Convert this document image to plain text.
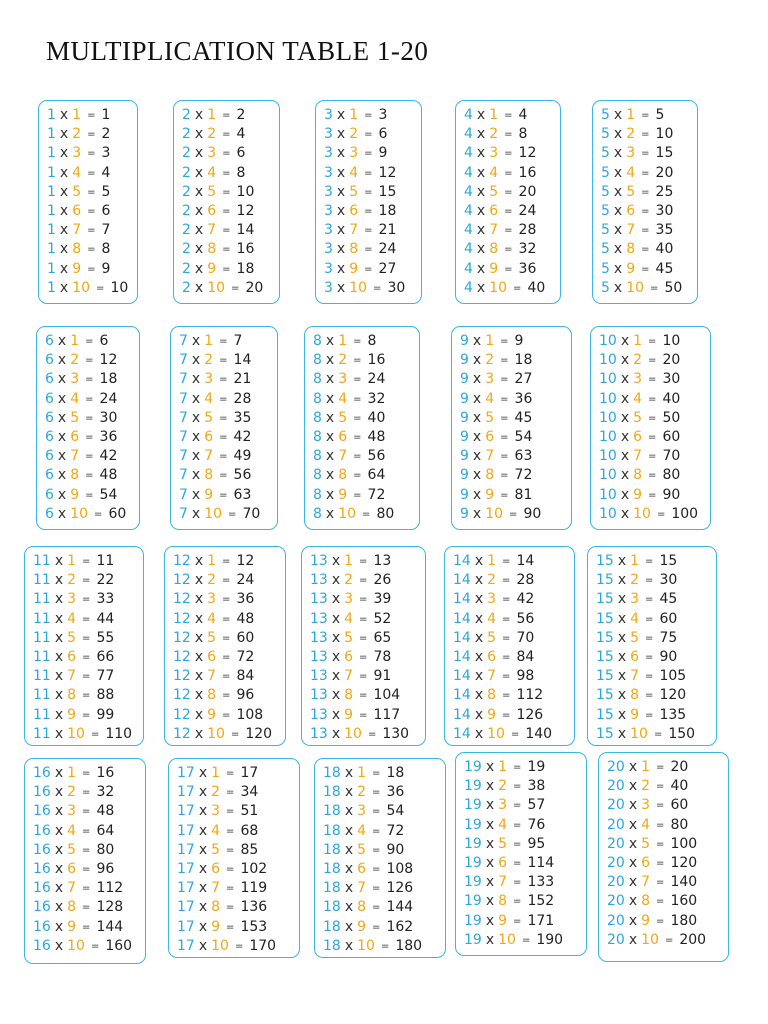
MULTIPLICATION TABLE 1-20
1 x 1 = 1
1 x 2 = 2
1 x 3 = 3
1 x 4 = 4
1 x 5 = 5
1 x 6 = 6
1 x 7 = 7
1 x 8 = 8
1 x 9 = 9
1 x 10 = 10
2 x 1 = 2
2 x 2 = 4
2 x 3 = 6
2 x 4 = 8
2 x 5 = 10
2 x 6 = 12
2 x 7 = 14
2 x 8 = 16
2 x 9 = 18
2 x 10 = 20
3 x 1 = 3
3 x 2 = 6
3 x 3 = 9
3 x 4 = 12
3 x 5 = 15
3 x 6 = 18
3 x 7 = 21
3 x 8 = 24
3 x 9 = 27
3 x 10 = 30
4 x 1 = 4
4 x 2 = 8
4 x 3 = 12
4 x 4 = 16
4 x 5 = 20
4 x 6 = 24
4 x 7 = 28
4 x 8 = 32
4 x 9 = 36
4 x 10 = 40
5 x 1 = 5
5 x 2 = 10
5 x 3 = 15
5 x 4 = 20
5 x 5 = 25
5 x 6 = 30
5 x 7 = 35
5 x 8 = 40
5 x 9 = 45
5 x 10 = 50
6 x 1 = 6
6 x 2 = 12
6 x 3 = 18
6 x 4 = 24
6 x 5 = 30
6 x 6 = 36
6 x 7 = 42
6 x 8 = 48
6 x 9 = 54
6 x 10 = 60
7 x 1 = 7
7 x 2 = 14
7 x 3 = 21
7 x 4 = 28
7 x 5 = 35
7 x 6 = 42
7 x 7 = 49
7 x 8 = 56
7 x 9 = 63
7 x 10 = 70
8 x 1 = 8
8 x 2 = 16
8 x 3 = 24
8 x 4 = 32
8 x 5 = 40
8 x 6 = 48
8 x 7 = 56
8 x 8 = 64
8 x 9 = 72
8 x 10 = 80
9 x 1 = 9
9 x 2 = 18
9 x 3 = 27
9 x 4 = 36
9 x 5 = 45
9 x 6 = 54
9 x 7 = 63
9 x 8 = 72
9 x 9 = 81
9 x 10 = 90
10 x 1 = 10
10 x 2 = 20
10 x 3 = 30
10 x 4 = 40
10 x 5 = 50
10 x 6 = 60
10 x 7 = 70
10 x 8 = 80
10 x 9 = 90
10 x 10 = 100
11 x 1 = 11
11 x 2 = 22
11 x 3 = 33
11 x 4 = 44
11 x 5 = 55
11 x 6 = 66
11 x 7 = 77
11 x 8 = 88
11 x 9 = 99
11 x 10 = 110
12 x 1 = 12
12 x 2 = 24
12 x 3 = 36
12 x 4 = 48
12 x 5 = 60
12 x 6 = 72
12 x 7 = 84
12 x 8 = 96
12 x 9 = 108
12 x 10 = 120
13 x 1 = 13
13 x 2 = 26
13 x 3 = 39
13 x 4 = 52
13 x 5 = 65
13 x 6 = 78
13 x 7 = 91
13 x 8 = 104
13 x 9 = 117
13 x 10 = 130
14 x 1 = 14
14 x 2 = 28
14 x 3 = 42
14 x 4 = 56
14 x 5 = 70
14 x 6 = 84
14 x 7 = 98
14 x 8 = 112
14 x 9 = 126
14 x 10 = 140
15 x 1 = 15
15 x 2 = 30
15 x 3 = 45
15 x 4 = 60
15 x 5 = 75
15 x 6 = 90
15 x 7 = 105
15 x 8 = 120
15 x 9 = 135
15 x 10 = 150
16 x 1 = 16
16 x 2 = 32
16 x 3 = 48
16 x 4 = 64
16 x 5 = 80
16 x 6 = 96
16 x 7 = 112
16 x 8 = 128
16 x 9 = 144
16 x 10 = 160
17 x 1 = 17
17 x 2 = 34
17 x 3 = 51
17 x 4 = 68
17 x 5 = 85
17 x 6 = 102
17 x 7 = 119
17 x 8 = 136
17 x 9 = 153
17 x 10 = 170
18 x 1 = 18
18 x 2 = 36
18 x 3 = 54
18 x 4 = 72
18 x 5 = 90
18 x 6 = 108
18 x 7 = 126
18 x 8 = 144
18 x 9 = 162
18 x 10 = 180
19 x 1 = 19
19 x 2 = 38
19 x 3 = 57
19 x 4 = 76
19 x 5 = 95
19 x 6 = 114
19 x 7 = 133
19 x 8 = 152
19 x 9 = 171
19 x 10 = 190
20 x 1 = 20
20 x 2 = 40
20 x 3 = 60
20 x 4 = 80
20 x 5 = 100
20 x 6 = 120
20 x 7 = 140
20 x 8 = 160
20 x 9 = 180
20 x 10 = 200
